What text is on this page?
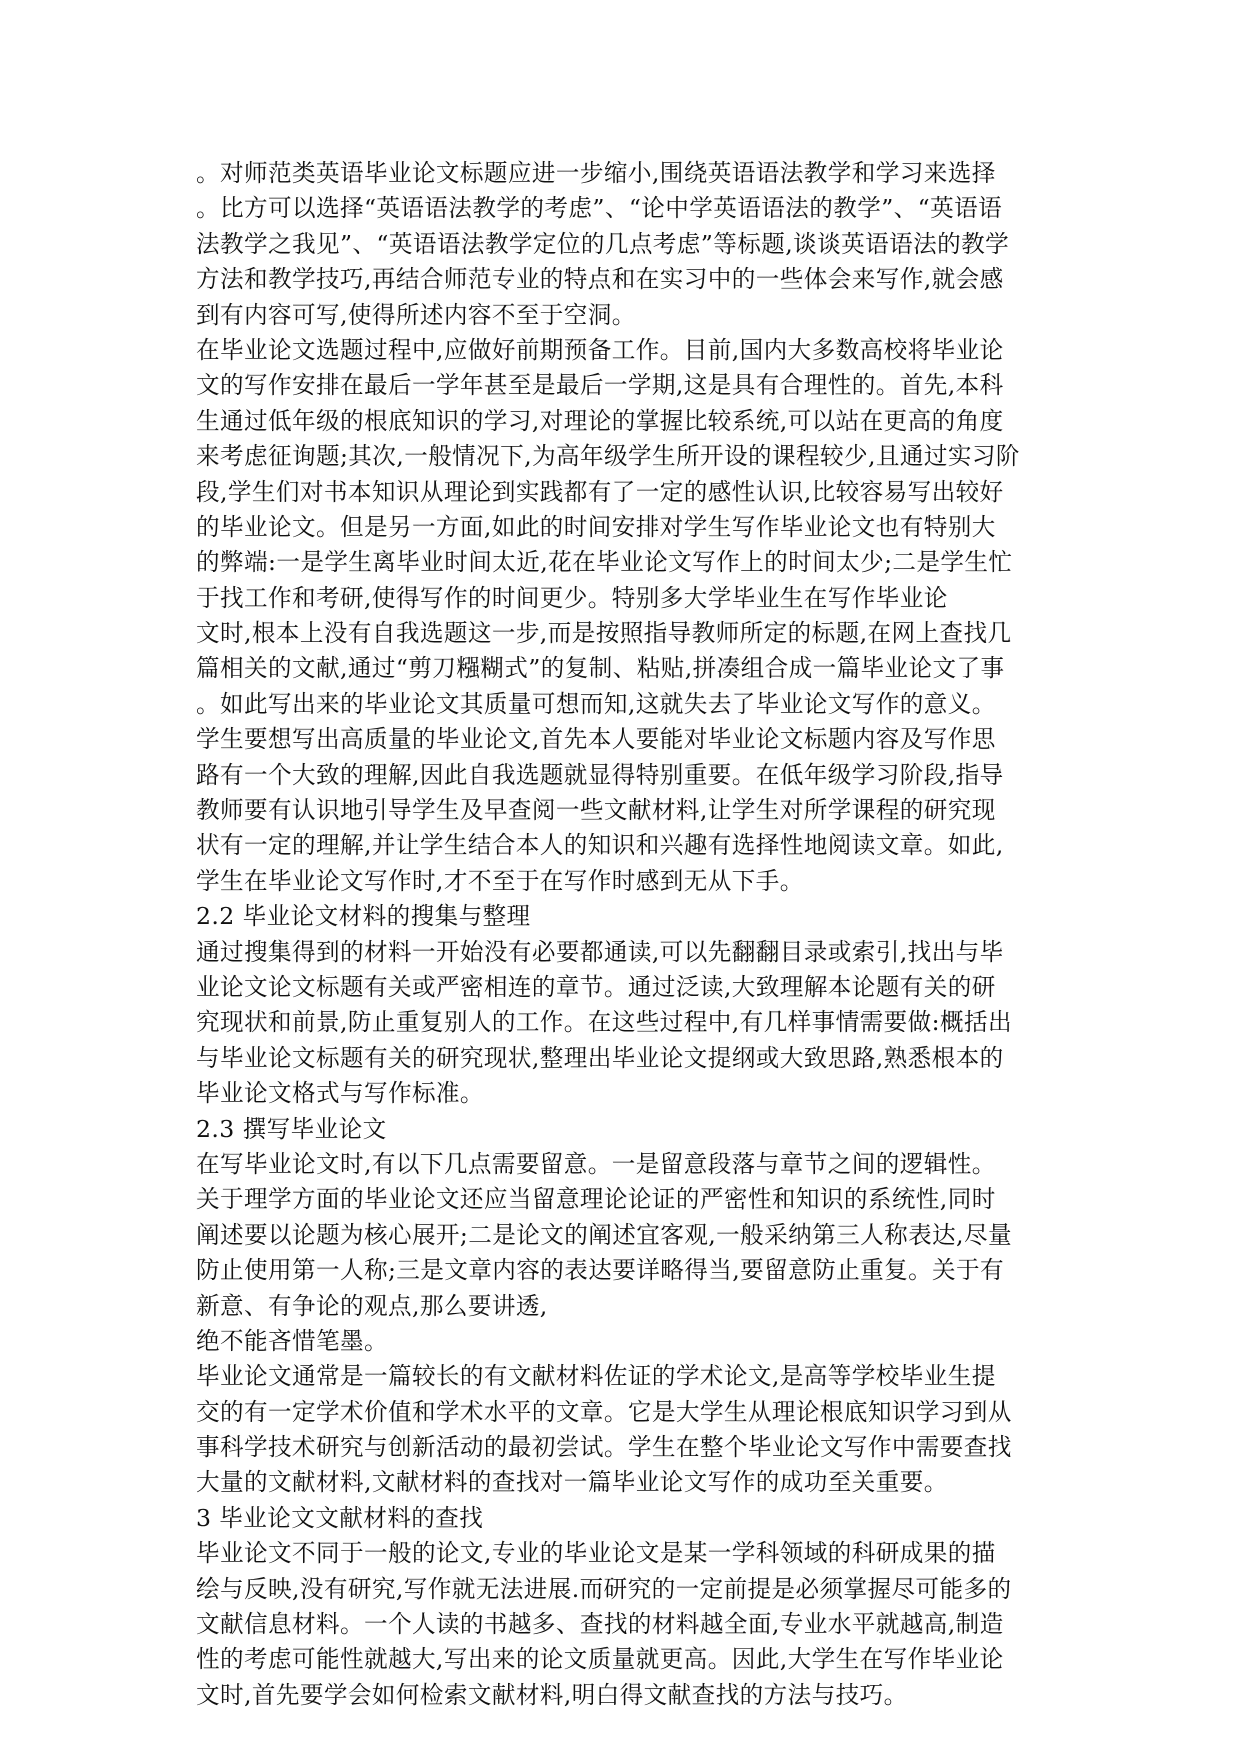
。对师范类英语毕业论文标题应进一步缩小,围绕英语语法教学和学习来选择
。比方可以选择“英语语法教学的考虑”、“论中学英语语法的教学”、“英语语
法教学之我见”、“英语语法教学定位的几点考虑”等标题,谈谈英语语法的教学
方法和教学技巧,再结合师范专业的特点和在实习中的一些体会来写作,就会感
到有内容可写,使得所述内容不至于空洞。
在毕业论文选题过程中,应做好前期预备工作。目前,国内大多数高校将毕业论
文的写作安排在最后一学年甚至是最后一学期,这是具有合理性的。首先,本科
生通过低年级的根底知识的学习,对理论的掌握比较系统,可以站在更高的角度
来考虑征询题;其次,一般情况下,为高年级学生所开设的课程较少,且通过实习阶
段,学生们对书本知识从理论到实践都有了一定的感性认识,比较容易写出较好
的毕业论文。但是另一方面,如此的时间安排对学生写作毕业论文也有特别大
的弊端:一是学生离毕业时间太近,花在毕业论文写作上的时间太少;二是学生忙
于找工作和考研,使得写作的时间更少。特别多大学毕业生在写作毕业论
文时,根本上没有自我选题这一步,而是按照指导教师所定的标题,在网上查找几
篇相关的文献,通过“剪刀糨糊式”的复制、粘贴,拼凑组合成一篇毕业论文了事
。如此写出来的毕业论文其质量可想而知,这就失去了毕业论文写作的意义。
学生要想写出高质量的毕业论文,首先本人要能对毕业论文标题内容及写作思
路有一个大致的理解,因此自我选题就显得特别重要。在低年级学习阶段,指导
教师要有认识地引导学生及早查阅一些文献材料,让学生对所学课程的研究现
状有一定的理解,并让学生结合本人的知识和兴趣有选择性地阅读文章。如此,
学生在毕业论文写作时,才不至于在写作时感到无从下手。
2.2 毕业论文材料的搜集与整理
通过搜集得到的材料一开始没有必要都通读,可以先翻翻目录或索引,找出与毕
业论文论文标题有关或严密相连的章节。通过泛读,大致理解本论题有关的研
究现状和前景,防止重复别人的工作。在这些过程中,有几样事情需要做:概括出
与毕业论文标题有关的研究现状,整理出毕业论文提纲或大致思路,熟悉根本的
毕业论文格式与写作标准。
2.3 撰写毕业论文
在写毕业论文时,有以下几点需要留意。一是留意段落与章节之间的逻辑性。
关于理学方面的毕业论文还应当留意理论论证的严密性和知识的系统性,同时
阐述要以论题为核心展开;二是论文的阐述宜客观,一般采纳第三人称表达,尽量
防止使用第一人称;三是文章内容的表达要详略得当,要留意防止重复。关于有
新意、有争论的观点,那么要讲透,
绝不能吝惜笔墨。
毕业论文通常是一篇较长的有文献材料佐证的学术论文,是高等学校毕业生提
交的有一定学术价值和学术水平的文章。它是大学生从理论根底知识学习到从
事科学技术研究与创新活动的最初尝试。学生在整个毕业论文写作中需要查找
大量的文献材料,文献材料的查找对一篇毕业论文写作的成功至关重要。
3 毕业论文文献材料的查找
毕业论文不同于一般的论文,专业的毕业论文是某一学科领域的科研成果的描
绘与反映,没有研究,写作就无法进展.而研究的一定前提是必须掌握尽可能多的
文献信息材料。一个人读的书越多、查找的材料越全面,专业水平就越高,制造
性的考虑可能性就越大,写出来的论文质量就更高。因此,大学生在写作毕业论
文时,首先要学会如何检索文献材料,明白得文献查找的方法与技巧。
